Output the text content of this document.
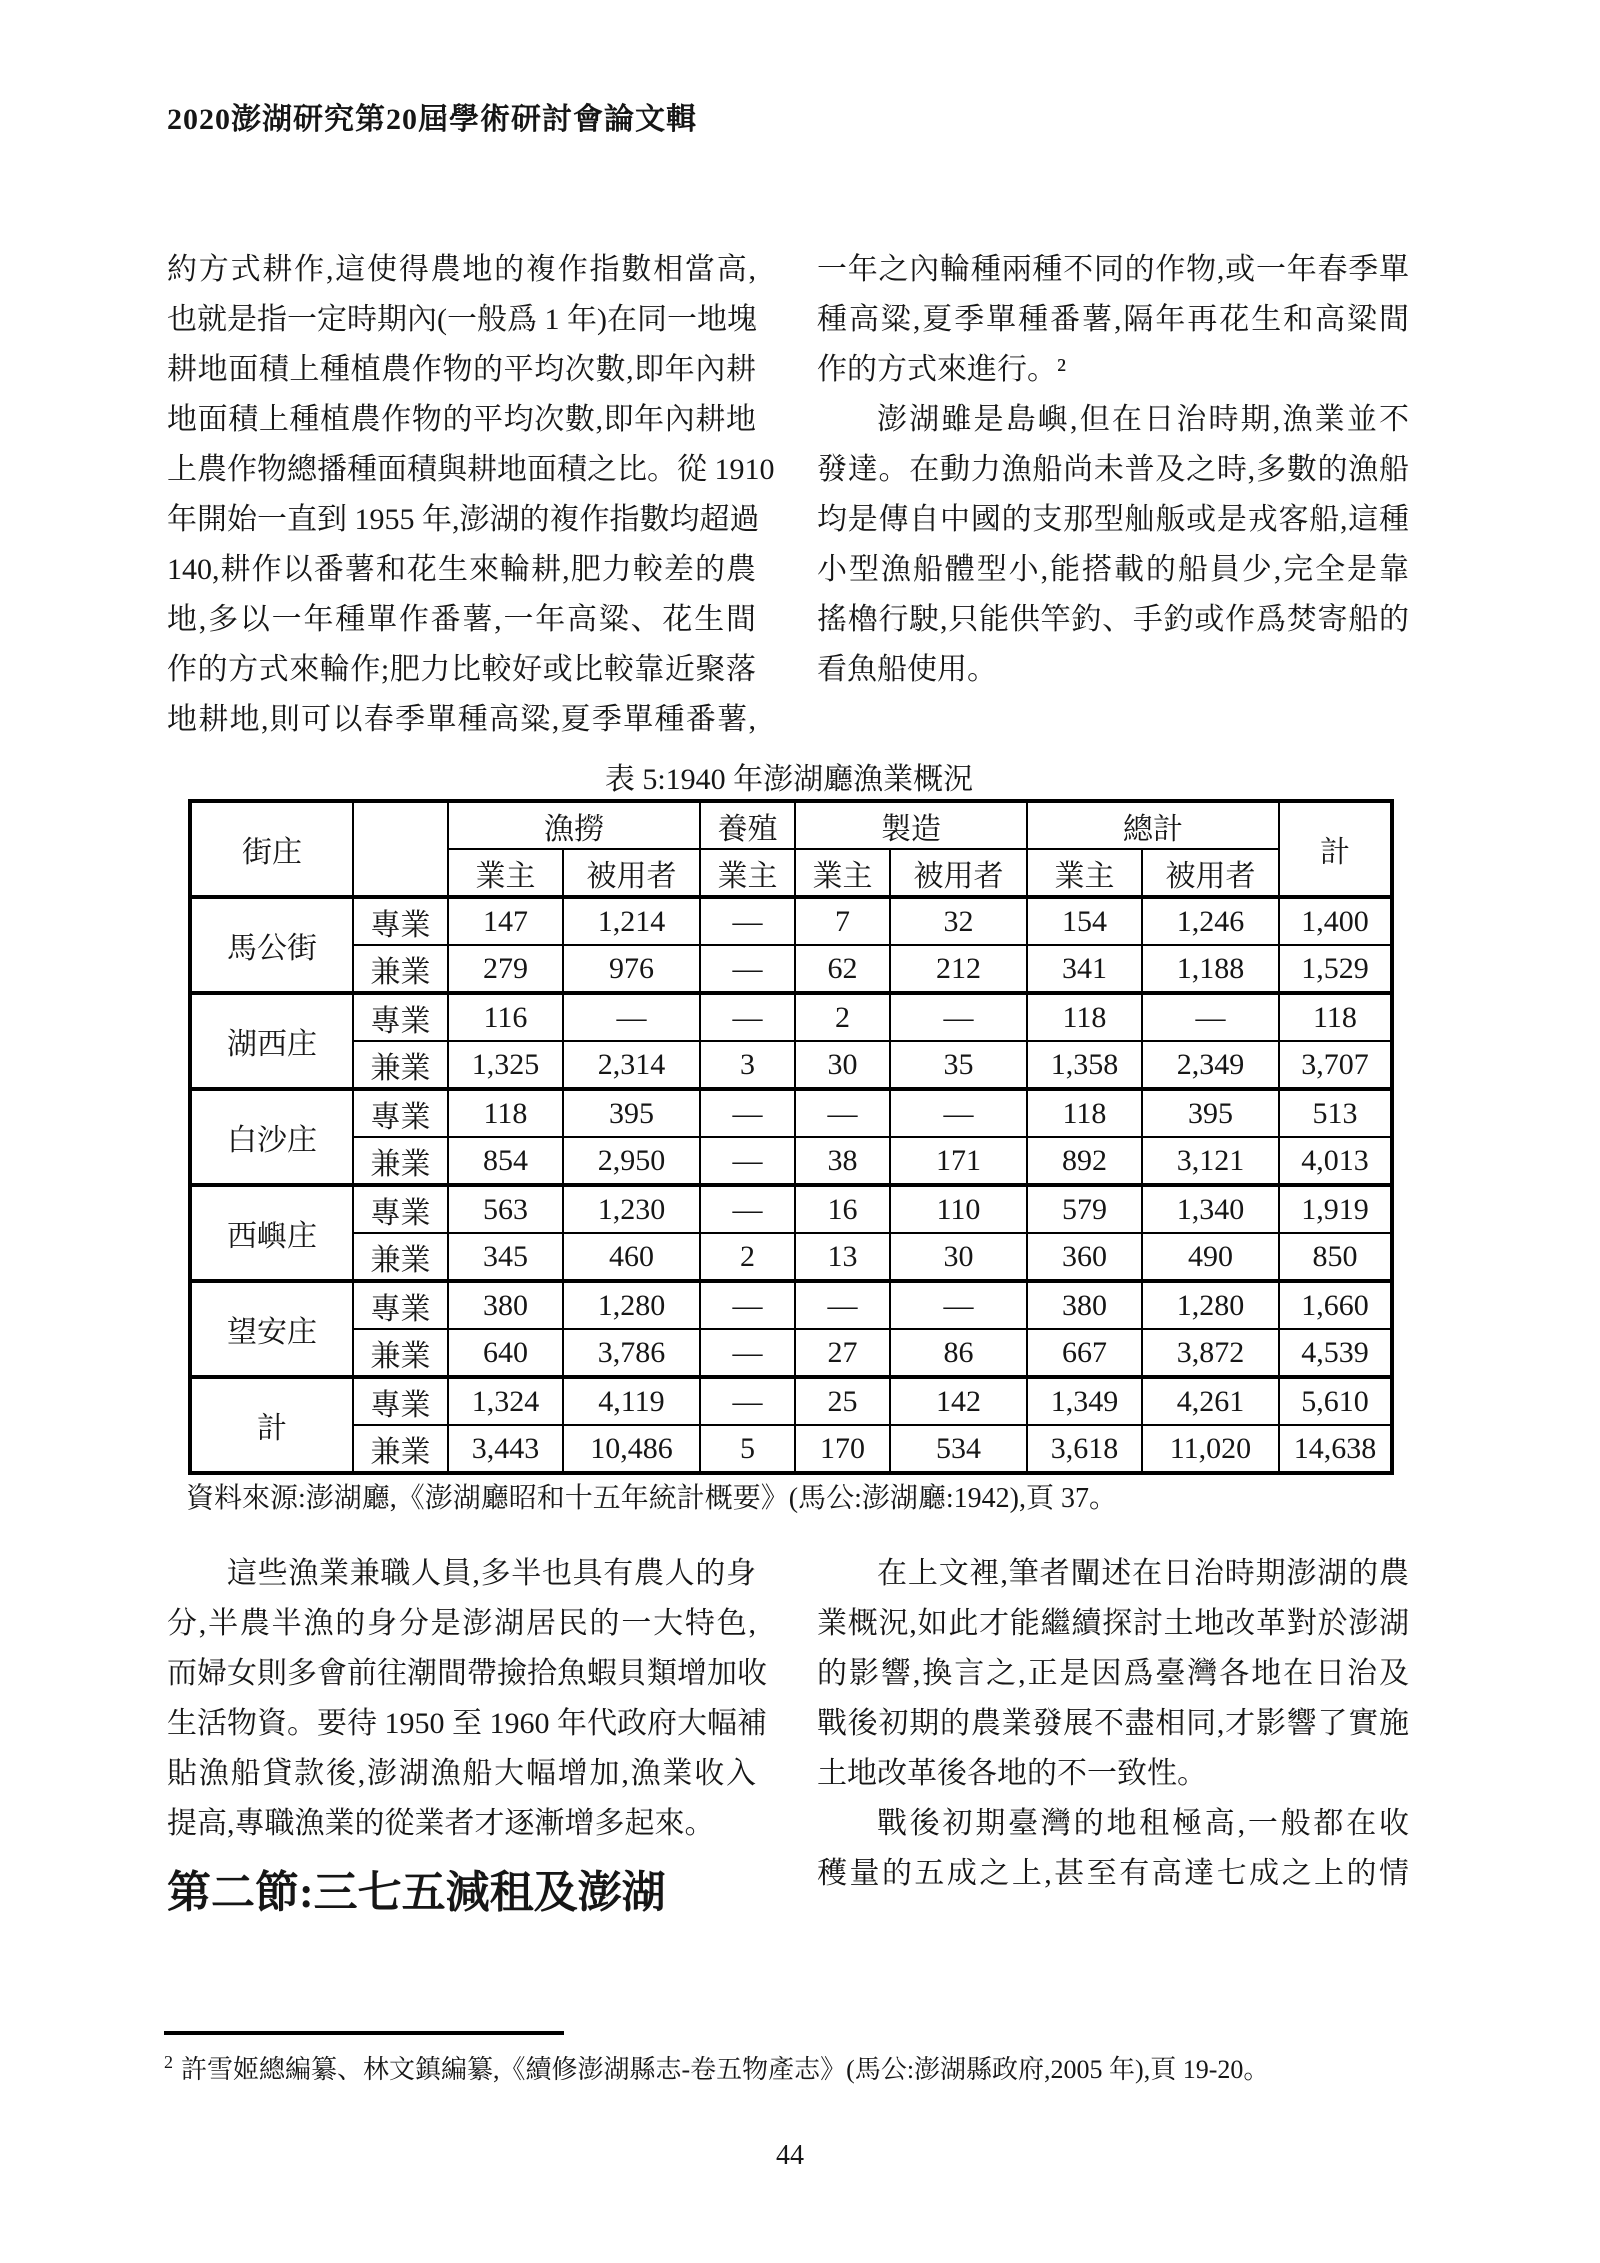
2020澎湖研究第20屆學術研討會論文輯
約方式耕作,這使得農地的複作指數相當高,
也就是指一定時期內(一般爲 1 年)在同一地塊
耕地面積上種植農作物的平均次數,即年內耕
地面積上種植農作物的平均次數,即年內耕地
上農作物總播種面積與耕地面積之比。從 1910
年開始一直到 1955 年,澎湖的複作指數均超過
140,耕作以番薯和花生來輪耕,肥力較差的農
地,多以一年種單作番薯,一年高粱、花生間
作的方式來輪作;肥力比較好或比較靠近聚落
地耕地,則可以春季單種高粱,夏季單種番薯,
一年之內輪種兩種不同的作物,或一年春季單
種高粱,夏季單種番薯,隔年再花生和高粱間
作的方式來進行。²
澎湖雖是島嶼,但在日治時期,漁業並不
發達。在動力漁船尚未普及之時,多數的漁船
均是傳自中國的支那型舢舨或是戎客船,這種
小型漁船體型小,能搭載的船員少,完全是靠
搖櫓行駛,只能供竿釣、手釣或作爲焚寄船的
看魚船使用。
表 5:1940 年澎湖廳漁業概況
街庄		漁撈		養殖	製造		總計		計
		業主	被用者	業主	業主	被用者	業主	被用者	
馬公街	專業	147	1,214	—	7	32	154	1,246	1,400
	兼業	279	976	—	62	212	341	1,188	1,529
湖西庄	專業	116	—	—	2	—	118	—	118
	兼業	1,325	2,314	3	30	35	1,358	2,349	3,707
白沙庄	專業	118	395	—	—	—	118	395	513
	兼業	854	2,950	—	38	171	892	3,121	4,013
西嶼庄	專業	563	1,230	—	16	110	579	1,340	1,919
	兼業	345	460	2	13	30	360	490	850
望安庄	專業	380	1,280	—	—	—	380	1,280	1,660
	兼業	640	3,786	—	27	86	667	3,872	4,539
計	專業	1,324	4,119	—	25	142	1,349	4,261	5,610
	兼業	3,443	10,486	5	170	534	3,618	11,020	14,638
資料來源:澎湖廳,《澎湖廳昭和十五年統計概要》(馬公:澎湖廳:1942),頁 37。
這些漁業兼職人員,多半也具有農人的身
分,半農半漁的身分是澎湖居民的一大特色,
而婦女則多會前往潮間帶撿拾魚蝦貝類增加收
生活物資。要待 1950 至 1960 年代政府大幅補
貼漁船貸款後,澎湖漁船大幅增加,漁業收入
提高,專職漁業的從業者才逐漸增多起來。
在上文裡,筆者闡述在日治時期澎湖的農
業概況,如此才能繼續探討土地改革對於澎湖
的影響,換言之,正是因爲臺灣各地在日治及
戰後初期的農業發展不盡相同,才影響了實施
土地改革後各地的不一致性。
戰後初期臺灣的地租極高,一般都在收
穫量的五成之上,甚至有高達七成之上的情
第二節:三七五減租及澎湖
$^2$ 許雪姬總編纂、林文鎮編纂,《續修澎湖縣志-卷五物產志》(馬公:澎湖縣政府,2005 年),頁 19-20。
44
